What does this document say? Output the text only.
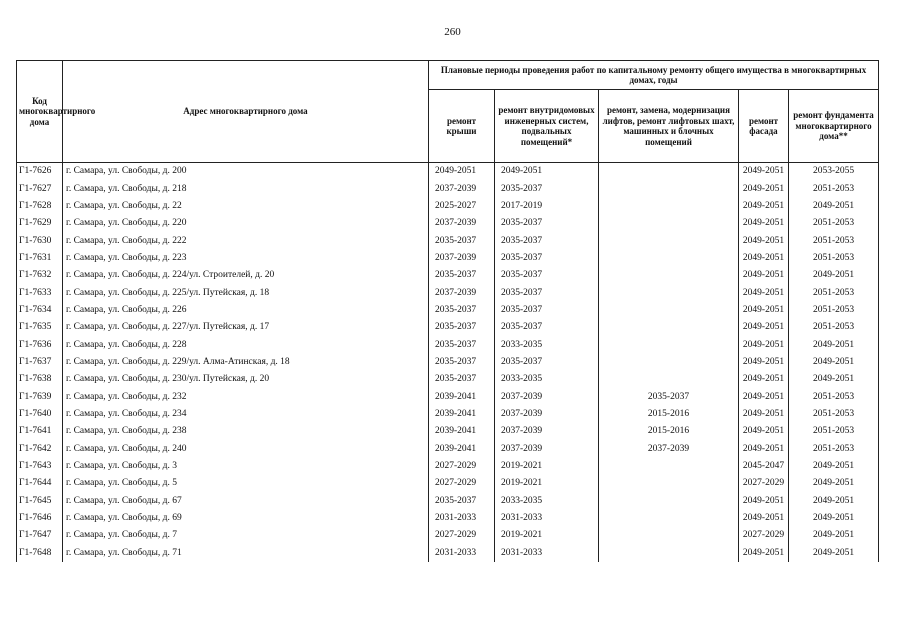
260
Код многоквартирного дома	Адрес многоквартирного дома	Плановые периоды проведения работ по капитальному ремонту общего имущества в многоквартирных домах, годы				
		ремонт крыши	ремонт внутридомовых инженерных систем, подвальных помещений*	ремонт, замена, модернизация лифтов, ремонт лифтовых шахт, машинных и блочных помещений	ремонт фасада	ремонт фундамента многоквартирного дома**
Г1-7626	г. Самара, ул. Свободы, д. 200	2049-2051	2049-2051		2049-2051	2053-2055
Г1-7627	г. Самара, ул. Свободы, д. 218	2037-2039	2035-2037		2049-2051	2051-2053
Г1-7628	г. Самара, ул. Свободы, д. 22	2025-2027	2017-2019		2049-2051	2049-2051
Г1-7629	г. Самара, ул. Свободы, д. 220	2037-2039	2035-2037		2049-2051	2051-2053
Г1-7630	г. Самара, ул. Свободы, д. 222	2035-2037	2035-2037		2049-2051	2051-2053
Г1-7631	г. Самара, ул. Свободы, д. 223	2037-2039	2035-2037		2049-2051	2051-2053
Г1-7632	г. Самара, ул. Свободы, д. 224/ул. Строителей, д. 20	2035-2037	2035-2037		2049-2051	2049-2051
Г1-7633	г. Самара, ул. Свободы, д. 225/ул. Путейская, д. 18	2037-2039	2035-2037		2049-2051	2051-2053
Г1-7634	г. Самара, ул. Свободы, д. 226	2035-2037	2035-2037		2049-2051	2051-2053
Г1-7635	г. Самара, ул. Свободы, д. 227/ул. Путейская, д. 17	2035-2037	2035-2037		2049-2051	2051-2053
Г1-7636	г. Самара, ул. Свободы, д. 228	2035-2037	2033-2035		2049-2051	2049-2051
Г1-7637	г. Самара, ул. Свободы, д. 229/ул. Алма-Атинская, д. 18	2035-2037	2035-2037		2049-2051	2049-2051
Г1-7638	г. Самара, ул. Свободы, д. 230/ул. Путейская, д. 20	2035-2037	2033-2035		2049-2051	2049-2051
Г1-7639	г. Самара, ул. Свободы, д. 232	2039-2041	2037-2039	2035-2037	2049-2051	2051-2053
Г1-7640	г. Самара, ул. Свободы, д. 234	2039-2041	2037-2039	2015-2016	2049-2051	2051-2053
Г1-7641	г. Самара, ул. Свободы, д. 238	2039-2041	2037-2039	2015-2016	2049-2051	2051-2053
Г1-7642	г. Самара, ул. Свободы, д. 240	2039-2041	2037-2039	2037-2039	2049-2051	2051-2053
Г1-7643	г. Самара, ул. Свободы, д. 3	2027-2029	2019-2021		2045-2047	2049-2051
Г1-7644	г. Самара, ул. Свободы, д. 5	2027-2029	2019-2021		2027-2029	2049-2051
Г1-7645	г. Самара, ул. Свободы, д. 67	2035-2037	2033-2035		2049-2051	2049-2051
Г1-7646	г. Самара, ул. Свободы, д. 69	2031-2033	2031-2033		2049-2051	2049-2051
Г1-7647	г. Самара, ул. Свободы, д. 7	2027-2029	2019-2021		2027-2029	2049-2051
Г1-7648	г. Самара, ул. Свободы, д. 71	2031-2033	2031-2033		2049-2051	2049-2051
